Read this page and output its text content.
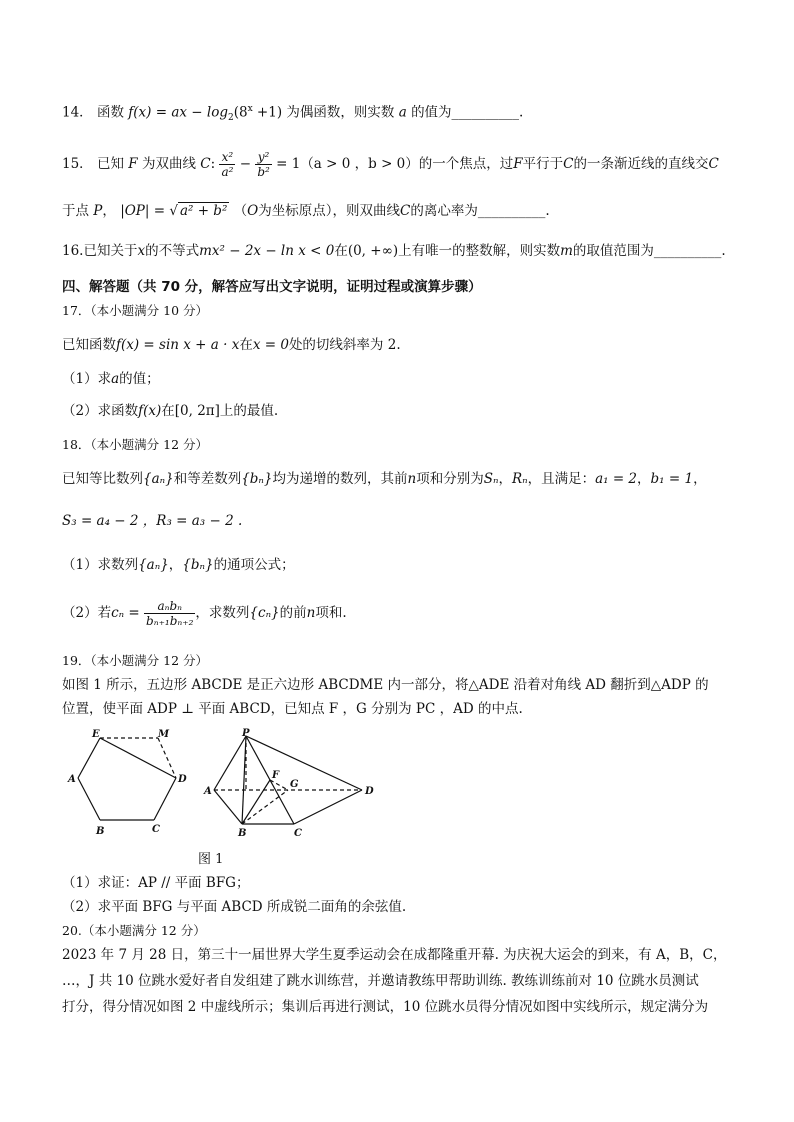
14． 函数 f(x) = ax − $\log_2(8^x +1)$ 为偶函数，则实数 a 的值为__________.
15． 已知 F 为双曲线 C: $\frac{\text{x²}}{\text{a²}} - \frac{\text{y²}}{\text{b²}} = 1(a > 0$ ，b > 0）的一个焦点，过F平行于C的一条渐近线的直线交C
于点 P， |OP| = √ a² + b² （O为坐标原点），则双曲线C的离心率为__________.
16.已知关于x的不等式mx² − 2x − ln x < 0在(0, +∞)上有唯一的整数解，则实数m的取值范围为__________.
四、解答题（共 70 分，解答应写出文字说明，证明过程或演算步骤）
17．（本小题满分 10 分）
已知函数f(x) = sin x + a · x在x = 0处的切线斜率为 2.
（1）求a的值；
（2）求函数f(x)在[0, 2π]上的最值.
18．（本小题满分 12 分）
已知等比数列{aₙ}和等差数列{bₙ}均为递增的数列，其前n项和分别为Sₙ，Rₙ，且满足：a₁ = 2，b₁ = 1，
S₃ = a₄ − 2 ，R₃ = a₃ − 2 .
（1）求数列{aₙ}，{bₙ}的通项公式；
（2）若$c_n = \frac{\text{aₙbₙ}}{\text{bₙ₊₁bₙ₊₂}}$ ，求数列{cₙ}的前n项和.
19．（本小题满分 12 分）
如图 1 所示，五边形 ABCDE 是正六边形 ABCDME 内一部分，将△ADE 沿着对角线 AD 翻折到△ADP 的
位置，使平面 ADP ⊥ 平面 ABCD，已知点 F ，G 分别为 PC ，AD 的中点.
E	M
A	D
B	C
P
F
G
A	D
B	C
图 1
（1）求证：AP // 平面 BFG；
（2）求平面 BFG 与平面 ABCD 所成锐二面角的余弦值.
20.（本小题满分 12 分）
2023 年 7 月 28 日，第三十一届世界大学生夏季运动会在成都隆重开幕. 为庆祝大运会的到来，有 A，B，C，
…，J 共 10 位跳水爱好者自发组建了跳水训练营，并邀请教练甲帮助训练. 教练训练前对 10 位跳水员测试
打分，得分情况如图 2 中虚线所示；集训后再进行测试，10 位跳水员得分情况如图中实线所示，规定满分为
